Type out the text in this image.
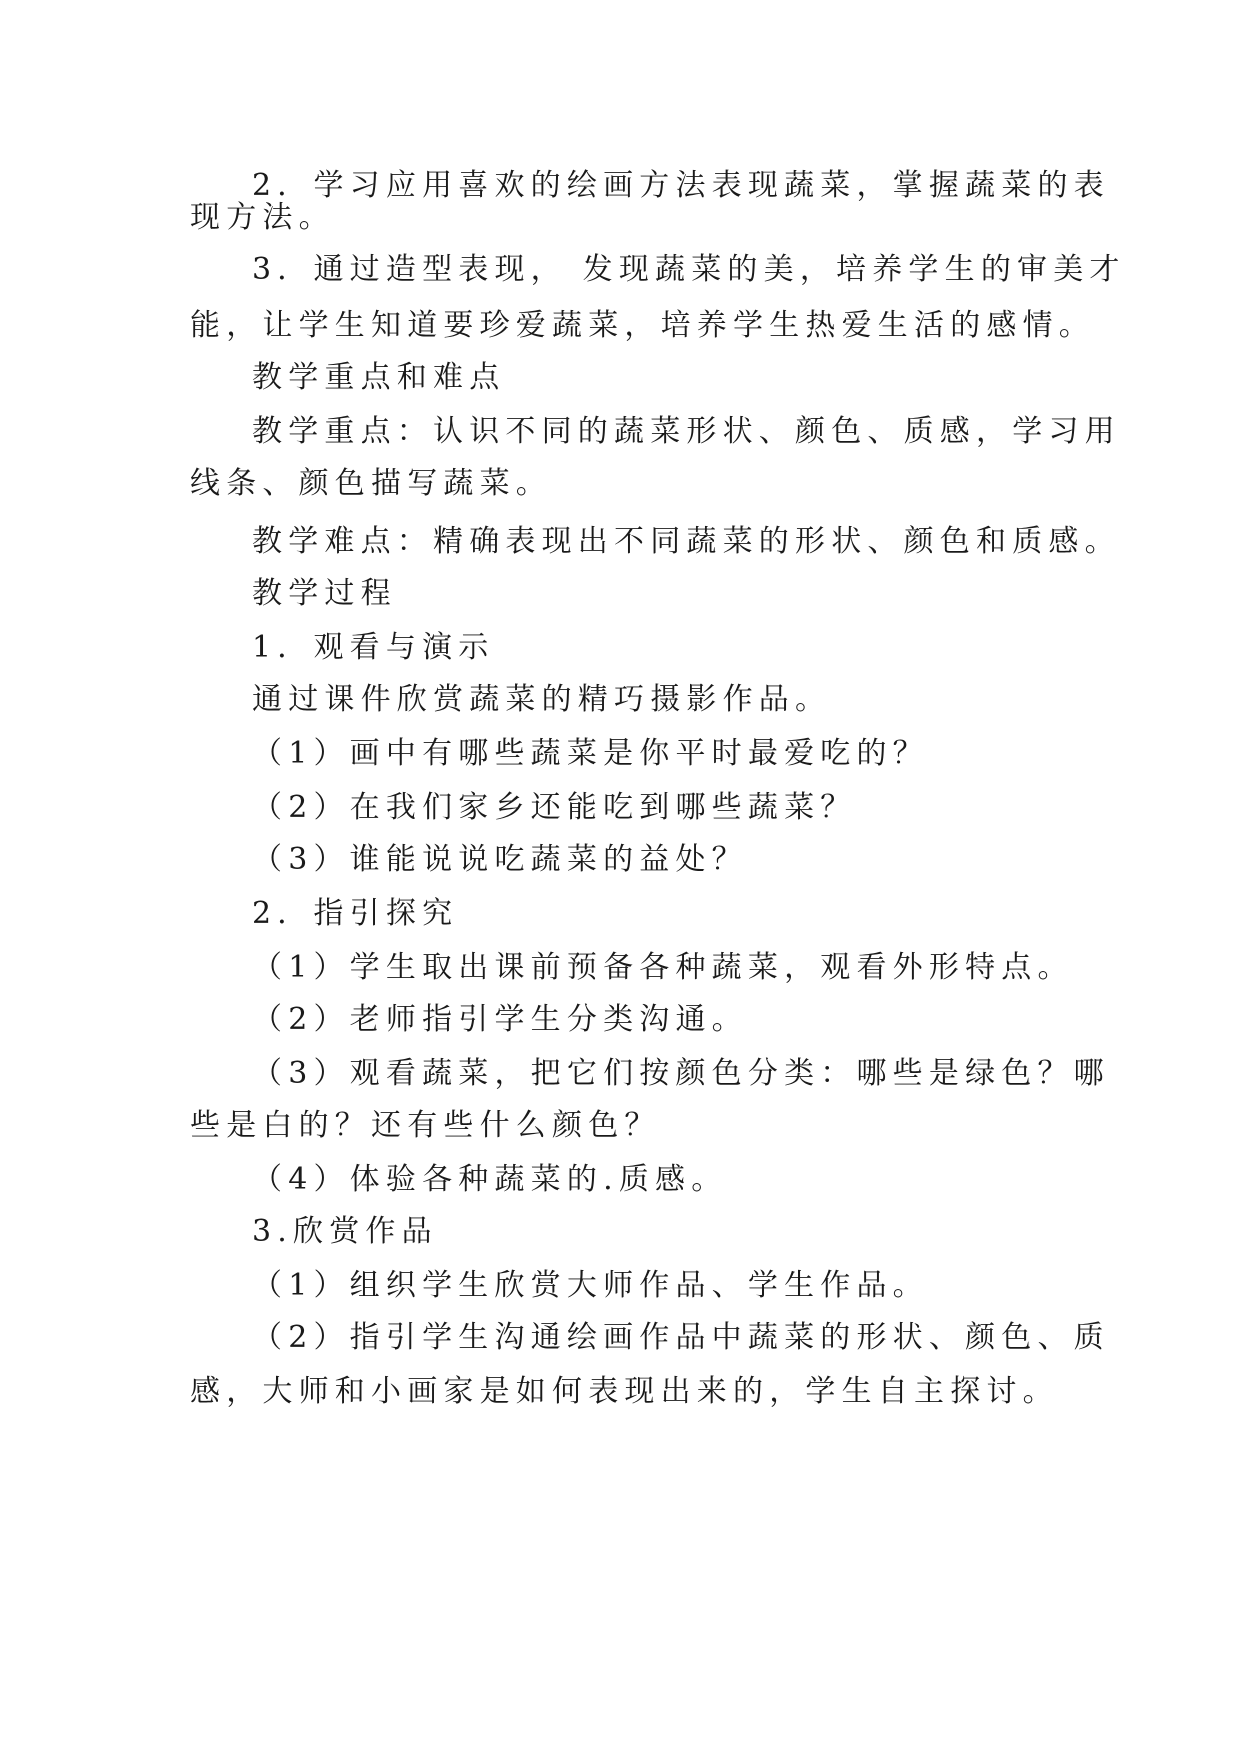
2．学习应用喜欢的绘画方法表现蔬菜，掌握蔬菜的表
现方法。
3．通过造型表现， 发现蔬菜的美，培养学生的审美才
能，让学生知道要珍爱蔬菜，培养学生热爱生活的感情。
教学重点和难点
教学重点：认识不同的蔬菜形状、颜色、质感，学习用
线条、颜色描写蔬菜。
教学难点：精确表现出不同蔬菜的形状、颜色和质感。
教学过程
1．观看与演示
通过课件欣赏蔬菜的精巧摄影作品。
（1）画中有哪些蔬菜是你平时最爱吃的？
（2）在我们家乡还能吃到哪些蔬菜？
（3）谁能说说吃蔬菜的益处？
2．指引探究
（1）学生取出课前预备各种蔬菜，观看外形特点。
（2）老师指引学生分类沟通。
（3）观看蔬菜，把它们按颜色分类：哪些是绿色？哪
些是白的？还有些什么颜色？
（4）体验各种蔬菜的.质感。
3.欣赏作品
（1）组织学生欣赏大师作品、学生作品。
（2）指引学生沟通绘画作品中蔬菜的形状、颜色、质
感，大师和小画家是如何表现出来的，学生自主探讨。
